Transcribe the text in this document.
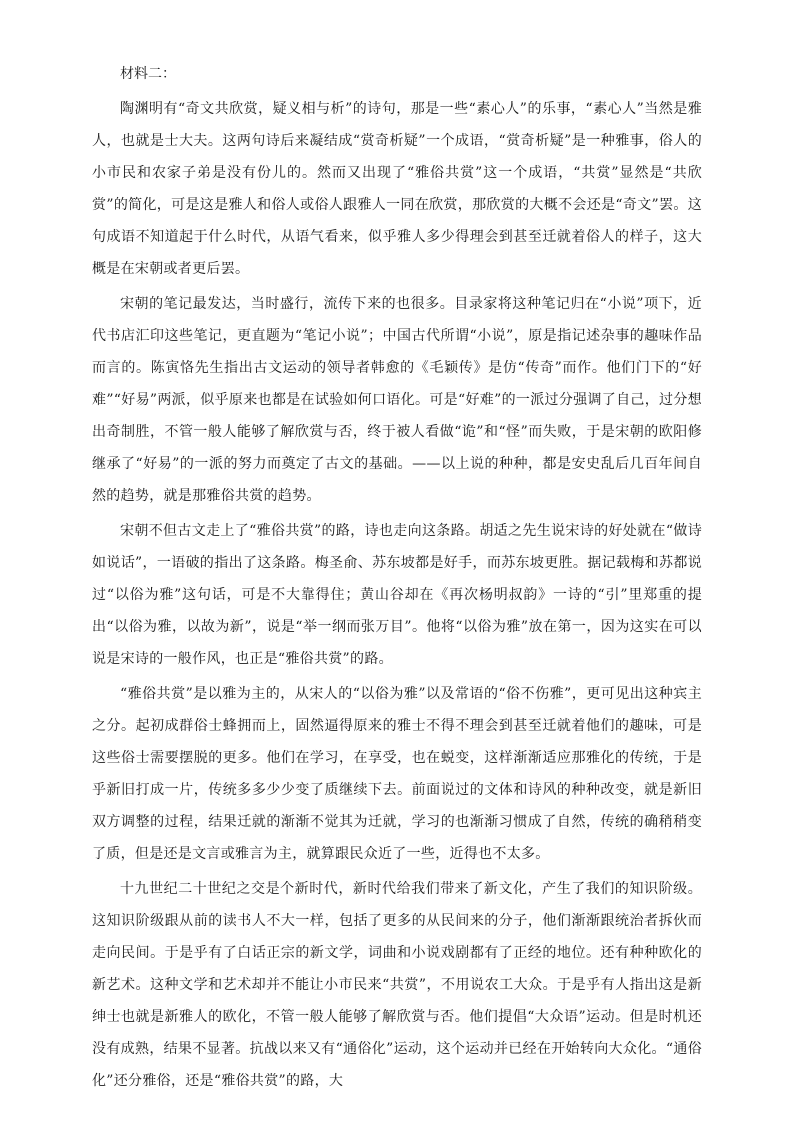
材料二：

陶渊明有“奇文共欣赏，疑义相与析”的诗句，那是一些“素心人”的乐事，“素心人”当然是雅人，也就是士大夫。这两句诗后来凝结成“赏奇析疑”一个成语，“赏奇析疑”是一种雅事，俗人的小市民和农家子弟是没有份儿的。然而又出现了“雅俗共赏”这一个成语，“共赏”显然是“共欣赏”的简化，可是这是雅人和俗人或俗人跟雅人一同在欣赏，那欣赏的大概不会还是“奇文”罢。这句成语不知道起于什么时代，从语气看来，似乎雅人多少得理会到甚至迁就着俗人的样子，这大概是在宋朝或者更后罢。

宋朝的笔记最发达，当时盛行，流传下来的也很多。目录家将这种笔记归在“小说”项下，近代书店汇印这些笔记，更直题为“笔记小说”；中国古代所谓“小说”，原是指记述杂事的趣味作品而言的。陈寅恪先生指出古文运动的领导者韩愈的《毛颖传》是仿“传奇”而作。他们门下的“好难”“好易”两派，似乎原来也都是在试验如何口语化。可是“好难”的一派过分强调了自己，过分想出奇制胜，不管一般人能够了解欣赏与否，终于被人看做“诡”和“怪”而失败，于是宋朝的欧阳修继承了“好易”的一派的努力而奠定了古文的基础。——以上说的种种，都是安史乱后几百年间自然的趋势，就是那雅俗共赏的趋势。

宋朝不但古文走上了“雅俗共赏”的路，诗也走向这条路。胡适之先生说宋诗的好处就在“做诗如说话”，一语破的指出了这条路。梅圣俞、苏东坡都是好手，而苏东坡更胜。据记载梅和苏都说过“以俗为雅”这句话，可是不大靠得住；黄山谷却在《再次杨明叔韵》一诗的“引”里郑重的提出“以俗为雅，以故为新”，说是“举一纲而张万目”。他将“以俗为雅”放在第一，因为这实在可以说是宋诗的一般作风，也正是“雅俗共赏”的路。

“雅俗共赏”是以雅为主的，从宋人的“以俗为雅”以及常语的“俗不伤雅”，更可见出这种宾主之分。起初成群俗士蜂拥而上，固然逼得原来的雅士不得不理会到甚至迁就着他们的趣味，可是这些俗士需要摆脱的更多。他们在学习，在享受，也在蜕变，这样渐渐适应那雅化的传统，于是乎新旧打成一片，传统多多少少变了质继续下去。前面说过的文体和诗风的种种改变，就是新旧双方调整的过程，结果迁就的渐渐不觉其为迁就，学习的也渐渐习惯成了自然，传统的确稍稍变了质，但是还是文言或雅言为主，就算跟民众近了一些，近得也不太多。

十九世纪二十世纪之交是个新时代，新时代给我们带来了新文化，产生了我们的知识阶级。这知识阶级跟从前的读书人不大一样，包括了更多的从民间来的分子，他们渐渐跟统治者拆伙而走向民间。于是乎有了白话正宗的新文学，词曲和小说戏剧都有了正经的地位。还有种种欧化的新艺术。这种文学和艺术却并不能让小市民来“共赏”，不用说农工大众。于是乎有人指出这是新绅士也就是新雅人的欧化，不管一般人能够了解欣赏与否。他们提倡“大众语”运动。但是时机还没有成熟，结果不显著。抗战以来又有“通俗化”运动，这个运动并已经在开始转向大众化。“通俗化”还分雅俗，还是“雅俗共赏”的路，大
